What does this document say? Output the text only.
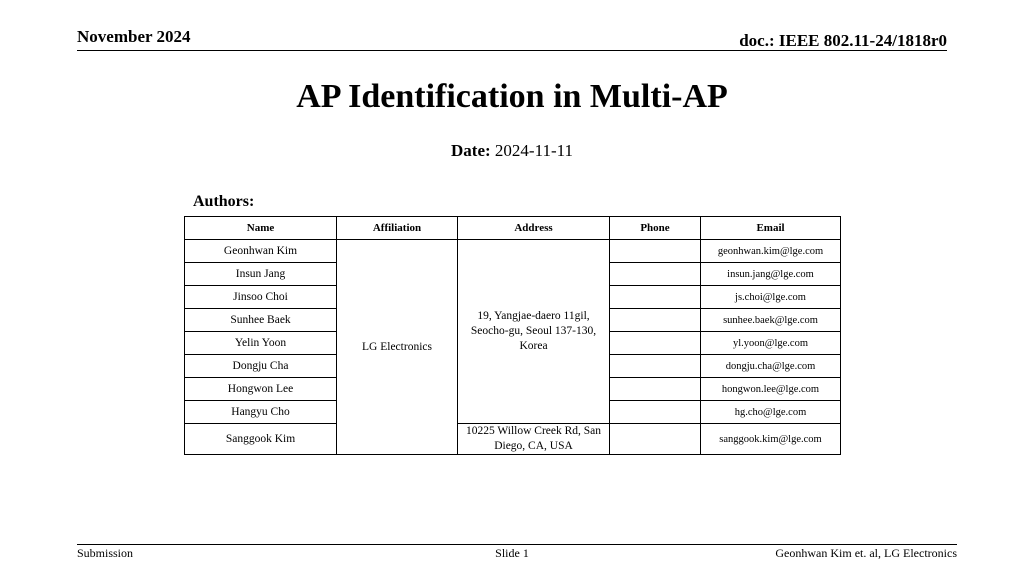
November 2024	doc.: IEEE 802.11-24/1818r0
AP Identification in Multi-AP
Date: 2024-11-11
Authors:
Name	Affiliation	Address	Phone	Email
Geonhwan Kim	LG Electronics	19, Yangjae-daero 11gil, Seocho-gu, Seoul 137-130, Korea		geonhwan.kim@lge.com
Insun Jang				insun.jang@lge.com
Jinsoo Choi				js.choi@lge.com
Sunhee Baek				sunhee.baek@lge.com
Yelin Yoon				yl.yoon@lge.com
Dongju Cha				dongju.cha@lge.com
Hongwon Lee				hongwon.lee@lge.com
Hangyu Cho				hg.cho@lge.com
Sanggook Kim		10225 Willow Creek Rd, San Diego, CA, USA		sanggook.kim@lge.com
Submission	Slide 1	Geonhwan Kim et. al, LG Electronics
